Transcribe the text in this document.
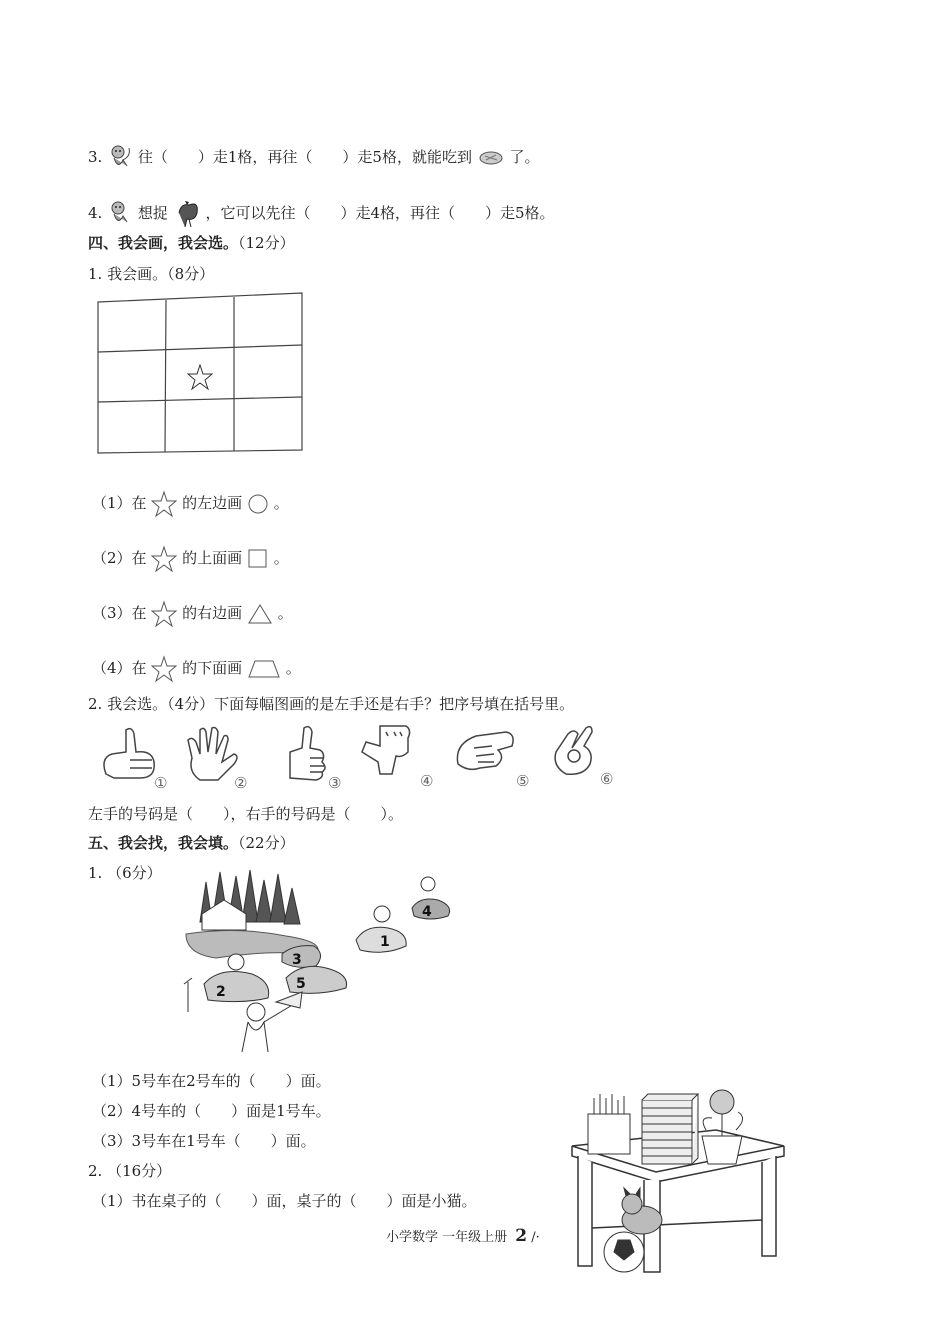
3. 往（　　）走1格，再往（　　）走5格，就能吃到	了。
4. 想捉	，它可以先往（　　）走4格，再往（　　）走5格。
四、我会画，我会选。（12分）
1. 我会画。（8分）
（1）在 的左边画 。
（2）在 的上面画 。
（3）在 的右边画 。
（4）在 的下面画	。
2. 我会选。（4分）下面每幅图画的是左手还是右手？把序号填在括号里。
①	②	③	④	⑤	⑥
左手的号码是（　　），右手的号码是（　　）。
五、我会找，我会填。（22分）
1. （6分）
1
2
3
4
5
（1）5号车在2号车的（　　）面。
（2）4号车的（　　）面是1号车。
（3）3号车在1号车（　　）面。
2. （16分）
（1）书在桌子的（　　）面，桌子的（　　）面是小猫。
小学数学 一年级上册 2 /·
